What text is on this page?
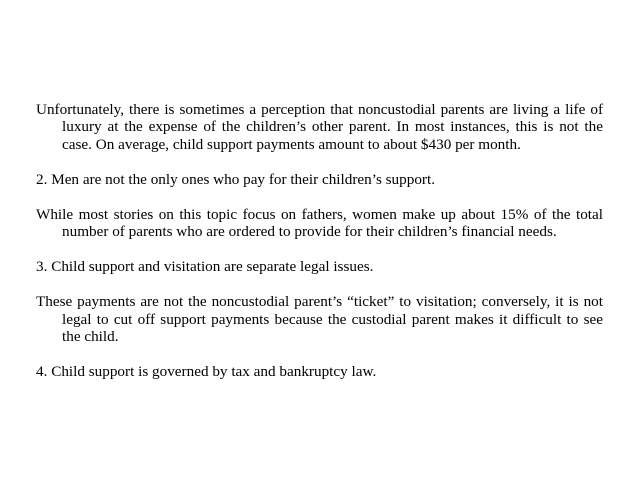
Unfortunately, there is sometimes a perception that noncustodial parents are living a life of luxury at the expense of the children’s other parent. In most instances, this is not the case. On average, child support payments amount to about $430 per month.

2. Men are not the only ones who pay for their children’s support.

While most stories on this topic focus on fathers, women make up about 15% of the total number of parents who are ordered to provide for their children’s financial needs.

3. Child support and visitation are separate legal issues.

These payments are not the noncustodial parent’s “ticket” to visitation; conversely, it is not legal to cut off support payments because the custodial parent makes it difficult to see the child.

4. Child support is governed by tax and bankruptcy law.
